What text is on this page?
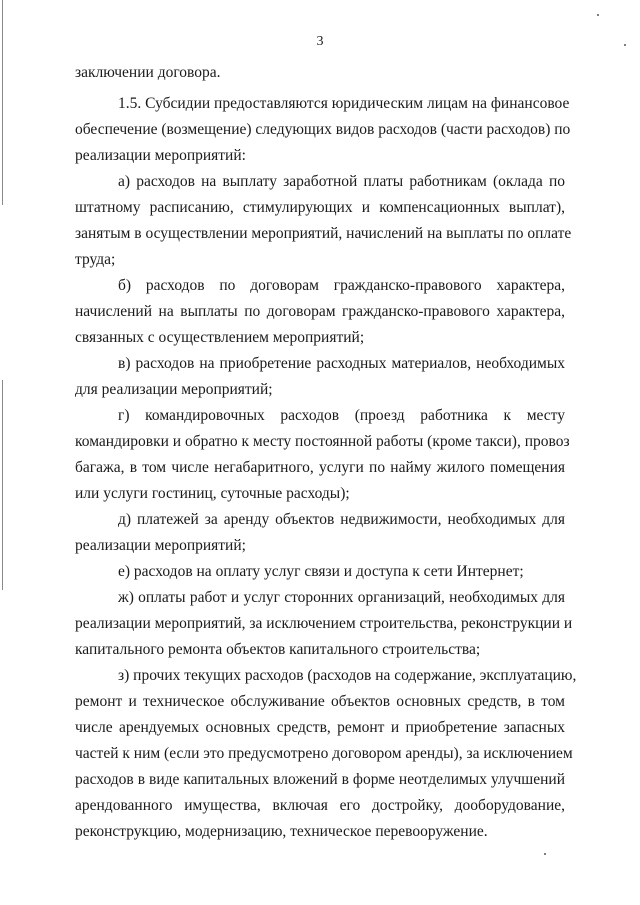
3
заключении договора.
1.5. Субсидии предоставляются юридическим лицам на финансовое
обеспечение (возмещение) следующих видов расходов (части расходов) по
реализации мероприятий:
а) расходов на выплату заработной платы работникам (оклада по
штатному расписанию, стимулирующих и компенсационных выплат),
занятым в осуществлении мероприятий, начислений на выплаты по оплате
труда;
б) расходов по договорам гражданско-правового характера,
начислений на выплаты по договорам гражданско-правового характера,
связанных с осуществлением мероприятий;
в) расходов на приобретение расходных материалов, необходимых
для реализации мероприятий;
г) командировочных расходов (проезд работника к месту
командировки и обратно к месту постоянной работы (кроме такси), провоз
багажа, в том числе негабаритного, услуги по найму жилого помещения
или услуги гостиниц, суточные расходы);
д) платежей за аренду объектов недвижимости, необходимых для
реализации мероприятий;
е) расходов на оплату услуг связи и доступа к сети Интернет;
ж) оплаты работ и услуг сторонних организаций, необходимых для
реализации мероприятий, за исключением строительства, реконструкции и
капитального ремонта объектов капитального строительства;
з) прочих текущих расходов (расходов на содержание, эксплуатацию,
ремонт и техническое обслуживание объектов основных средств, в том
числе арендуемых основных средств, ремонт и приобретение запасных
частей к ним (если это предусмотрено договором аренды), за исключением
расходов в виде капитальных вложений в форме неотделимых улучшений
арендованного имущества, включая его достройку, дооборудование,
реконструкцию, модернизацию, техническое перевооружение.
